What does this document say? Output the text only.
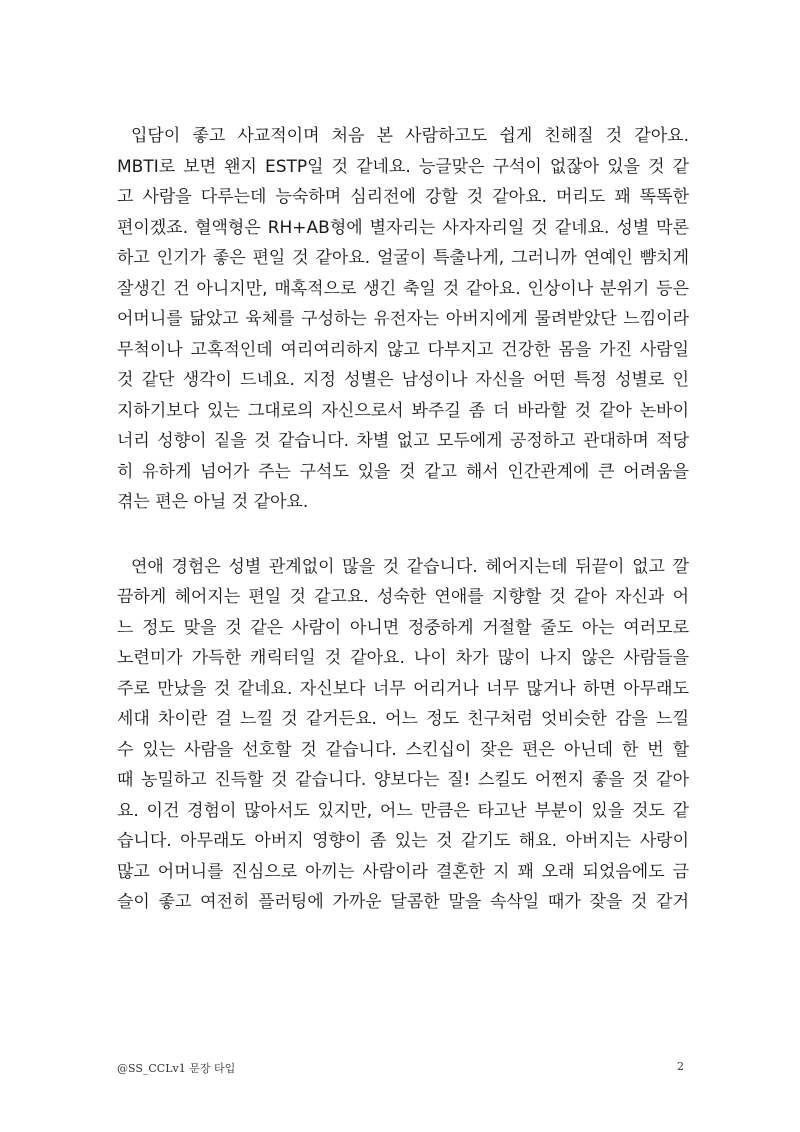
입담이 좋고 사교적이며 처음 본 사람하고도 쉽게 친해질 것 같아요.
MBTI로 보면 왠지 ESTP일 것 같네요. 능글맞은 구석이 없잖아 있을 것 같
고 사람을 다루는데 능숙하며 심리전에 강할 것 같아요. 머리도 꽤 똑똑한
편이겠죠. 혈액형은 RH+AB형에 별자리는 사자자리일 것 같네요. 성별 막론
하고 인기가 좋은 편일 것 같아요. 얼굴이 특출나게, 그러니까 연예인 뺨치게
잘생긴 건 아니지만, 매혹적으로 생긴 축일 것 같아요. 인상이나 분위기 등은
어머니를 닮았고 육체를 구성하는 유전자는 아버지에게 물려받았단 느낌이라
무척이나 고혹적인데 여리여리하지 않고 다부지고 건강한 몸을 가진 사람일
것 같단 생각이 드네요. 지정 성별은 남성이나 자신을 어떤 특정 성별로 인
지하기보다 있는 그대로의 자신으로서 봐주길 좀 더 바라할 것 같아 논바이
너리 성향이 짙을 것 같습니다. 차별 없고 모두에게 공정하고 관대하며 적당
히 유하게 넘어가 주는 구석도 있을 것 같고 해서 인간관계에 큰 어려움을
겪는 편은 아닐 것 같아요.
연애 경험은 성별 관계없이 많을 것 같습니다. 헤어지는데 뒤끝이 없고 깔
끔하게 헤어지는 편일 것 같고요. 성숙한 연애를 지향할 것 같아 자신과 어
느 정도 맞을 것 같은 사람이 아니면 정중하게 거절할 줄도 아는 여러모로
노련미가 가득한 캐릭터일 것 같아요. 나이 차가 많이 나지 않은 사람들을
주로 만났을 것 같네요. 자신보다 너무 어리거나 너무 많거나 하면 아무래도
세대 차이란 걸 느낄 것 같거든요. 어느 정도 친구처럼 엇비슷한 감을 느낄
수 있는 사람을 선호할 것 같습니다. 스킨십이 잦은 편은 아닌데 한 번 할
때 농밀하고 진득할 것 같습니다. 양보다는 질! 스킬도 어쩐지 좋을 것 같아
요. 이건 경험이 많아서도 있지만, 어느 만큼은 타고난 부분이 있을 것도 같
습니다. 아무래도 아버지 영향이 좀 있는 것 같기도 해요. 아버지는 사랑이
많고 어머니를 진심으로 아끼는 사람이라 결혼한 지 꽤 오래 되었음에도 금
슬이 좋고 여전히 플러팅에 가까운 달콤한 말을 속삭일 때가 잦을 것 같거
@SS_CCLv1 문장 타입	2
